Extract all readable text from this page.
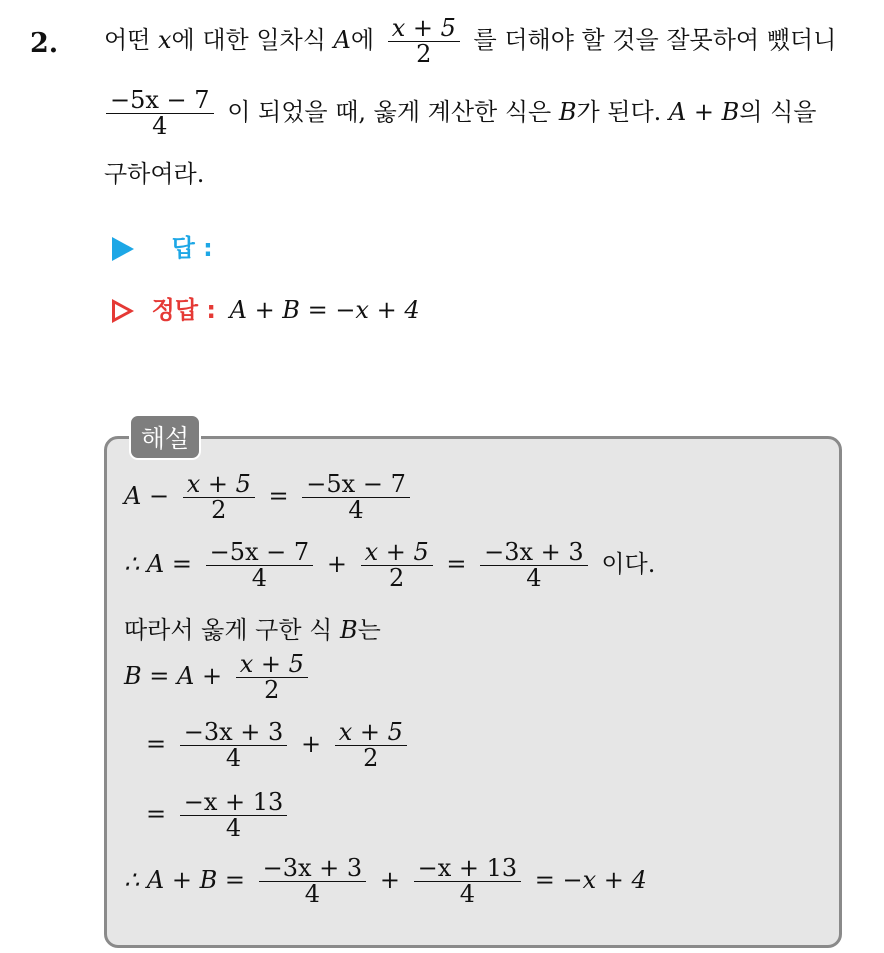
2. 어떤 x에 대한 일차식 A에 $\frac{x + 5}{2}$ 를 더해야 할 것을 잘못하여 뺐더니
$\frac{-5x - 7}{4}$ 이 되었을 때, 옳게 계산한 식은 B가 된다. A + B의 식을
구하여라.
답 :
정답 : A + B = −x + 4
해설
$A - \frac{x + 5}{2} = \frac{-5x - 7}{4}$
∴ $A = \frac{-5x - 7}{4} + \frac{x + 5}{2} = \frac{-3x + 3}{4}$ 이다.
따라서 옳게 구한 식 B는
$B = A + \frac{x + 5}{2}$
= $\frac{-3x + 3}{4} + \frac{x + 5}{2}$
= $\frac{-x + 13}{4}$
∴ $A + B = \frac{-3x + 3}{4} + \frac{-x + 13}{4} = -x + 4$
